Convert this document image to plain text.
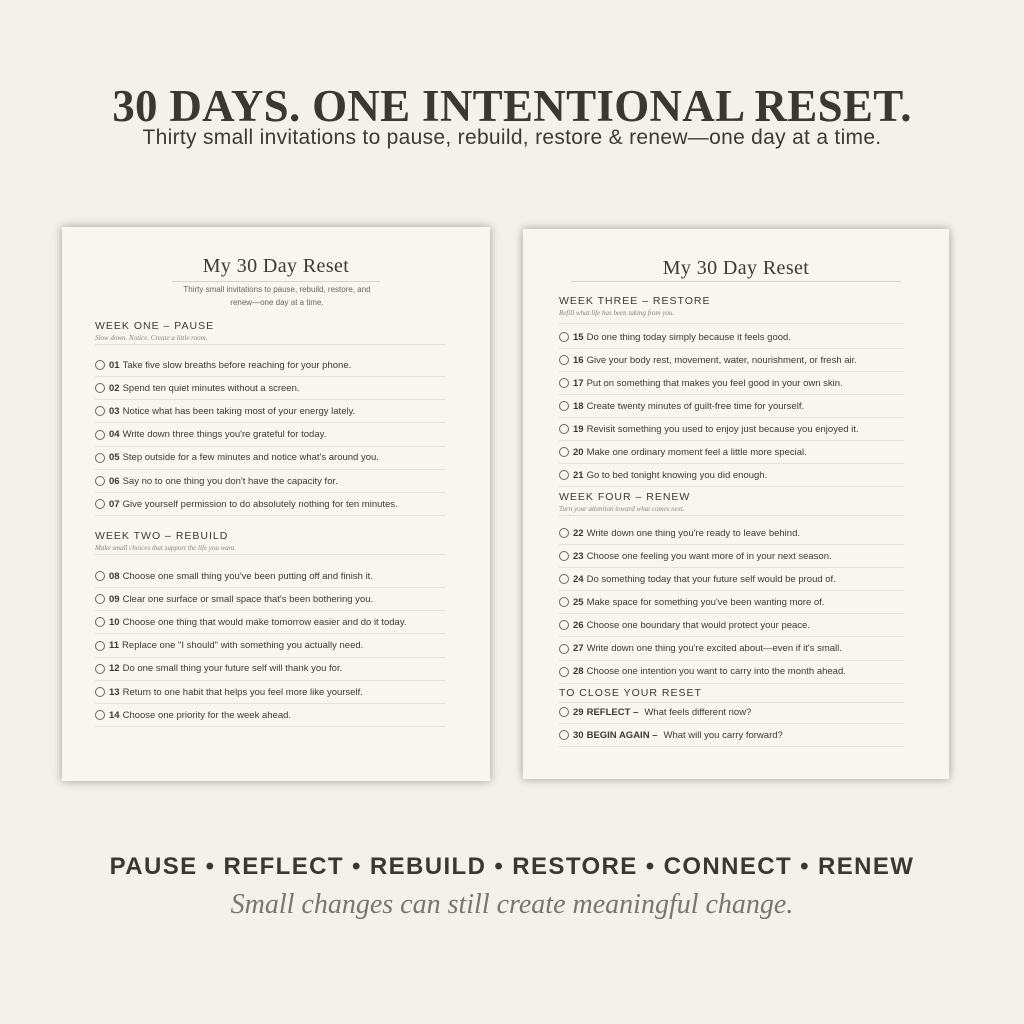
30 DAYS. ONE INTENTIONAL RESET.

Thirty small invitations to pause, rebuild, restore & renew—one day at a time.

My 30 Day Reset
Thirty small invitations to pause, rebuild, restore, and
renew—one day at a time.
WEEK ONE – PAUSE
Slow down. Notice. Create a little room.
01 Take five slow breaths before reaching for your phone.
02 Spend ten quiet minutes without a screen.
03 Notice what has been taking most of your energy lately.
04 Write down three things you're grateful for today.
05 Step outside for a few minutes and notice what's around you.
06 Say no to one thing you don't have the capacity for.
07 Give yourself permission to do absolutely nothing for ten minutes.
WEEK TWO – REBUILD
Make small choices that support the life you want.
08 Choose one small thing you've been putting off and finish it.
09 Clear one surface or small space that's been bothering you.
10 Choose one thing that would make tomorrow easier and do it today.
11 Replace one "I should" with something you actually need.
12 Do one small thing your future self will thank you for.
13 Return to one habit that helps you feel more like yourself.
14 Choose one priority for the week ahead.
My 30 Day Reset
WEEK THREE – RESTORE
Refill what life has been taking from you.
15 Do one thing today simply because it feels good.
16 Give your body rest, movement, water, nourishment, or fresh air.
17 Put on something that makes you feel good in your own skin.
18 Create twenty minutes of guilt-free time for yourself.
19 Revisit something you used to enjoy just because you enjoyed it.
20 Make one ordinary moment feel a little more special.
21 Go to bed tonight knowing you did enough.
WEEK FOUR – RENEW
Turn your attention toward what comes next.
22 Write down one thing you're ready to leave behind.
23 Choose one feeling you want more of in your next season.
24 Do something today that your future self would be proud of.
25 Make space for something you've been wanting more of.
26 Choose one boundary that would protect your peace.
27 Write down one thing you're excited about—even if it's small.
28 Choose one intention you want to carry into the month ahead.
TO CLOSE YOUR RESET
29 REFLECT – What feels different now?
30 BEGIN AGAIN – What will you carry forward?

PAUSE • REFLECT • REBUILD • RESTORE • CONNECT • RENEW

Small changes can still create meaningful change.
